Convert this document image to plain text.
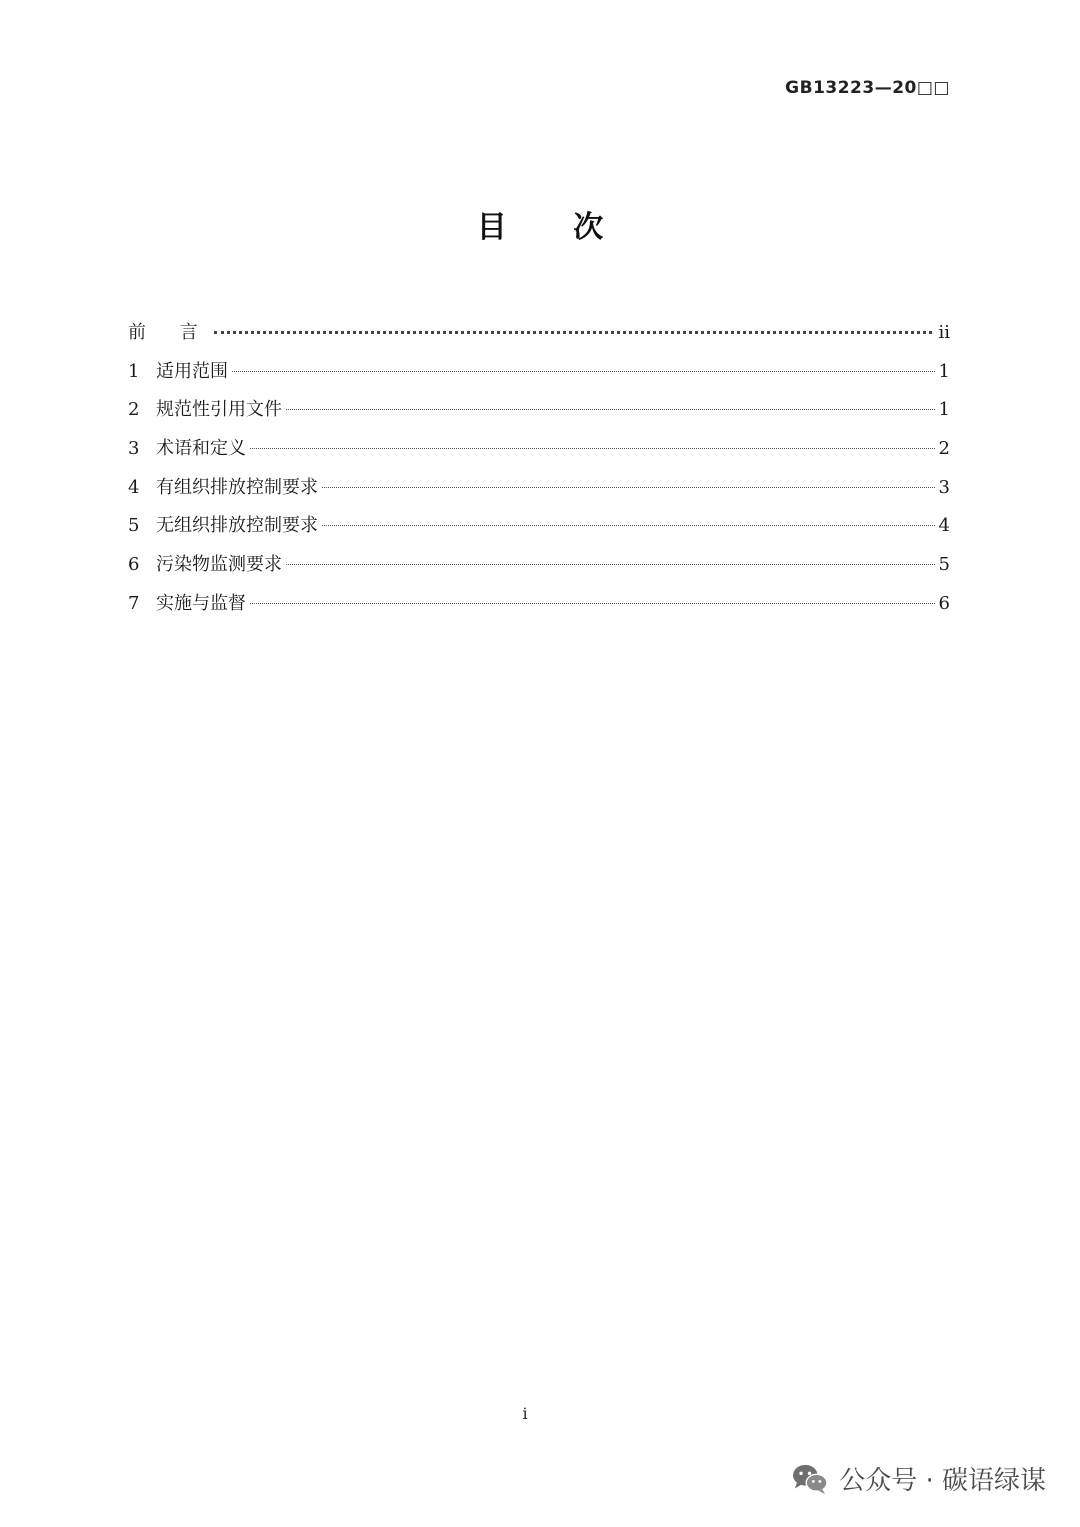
GB13223—20□□
目 次
前 言	ii
1 适用范围	1
2 规范性引用文件	1
3 术语和定义	2
4 有组织排放控制要求	3
5 无组织排放控制要求	4
6 污染物监测要求	5
7 实施与监督	6
i
公众号 · 碳语绿谋
